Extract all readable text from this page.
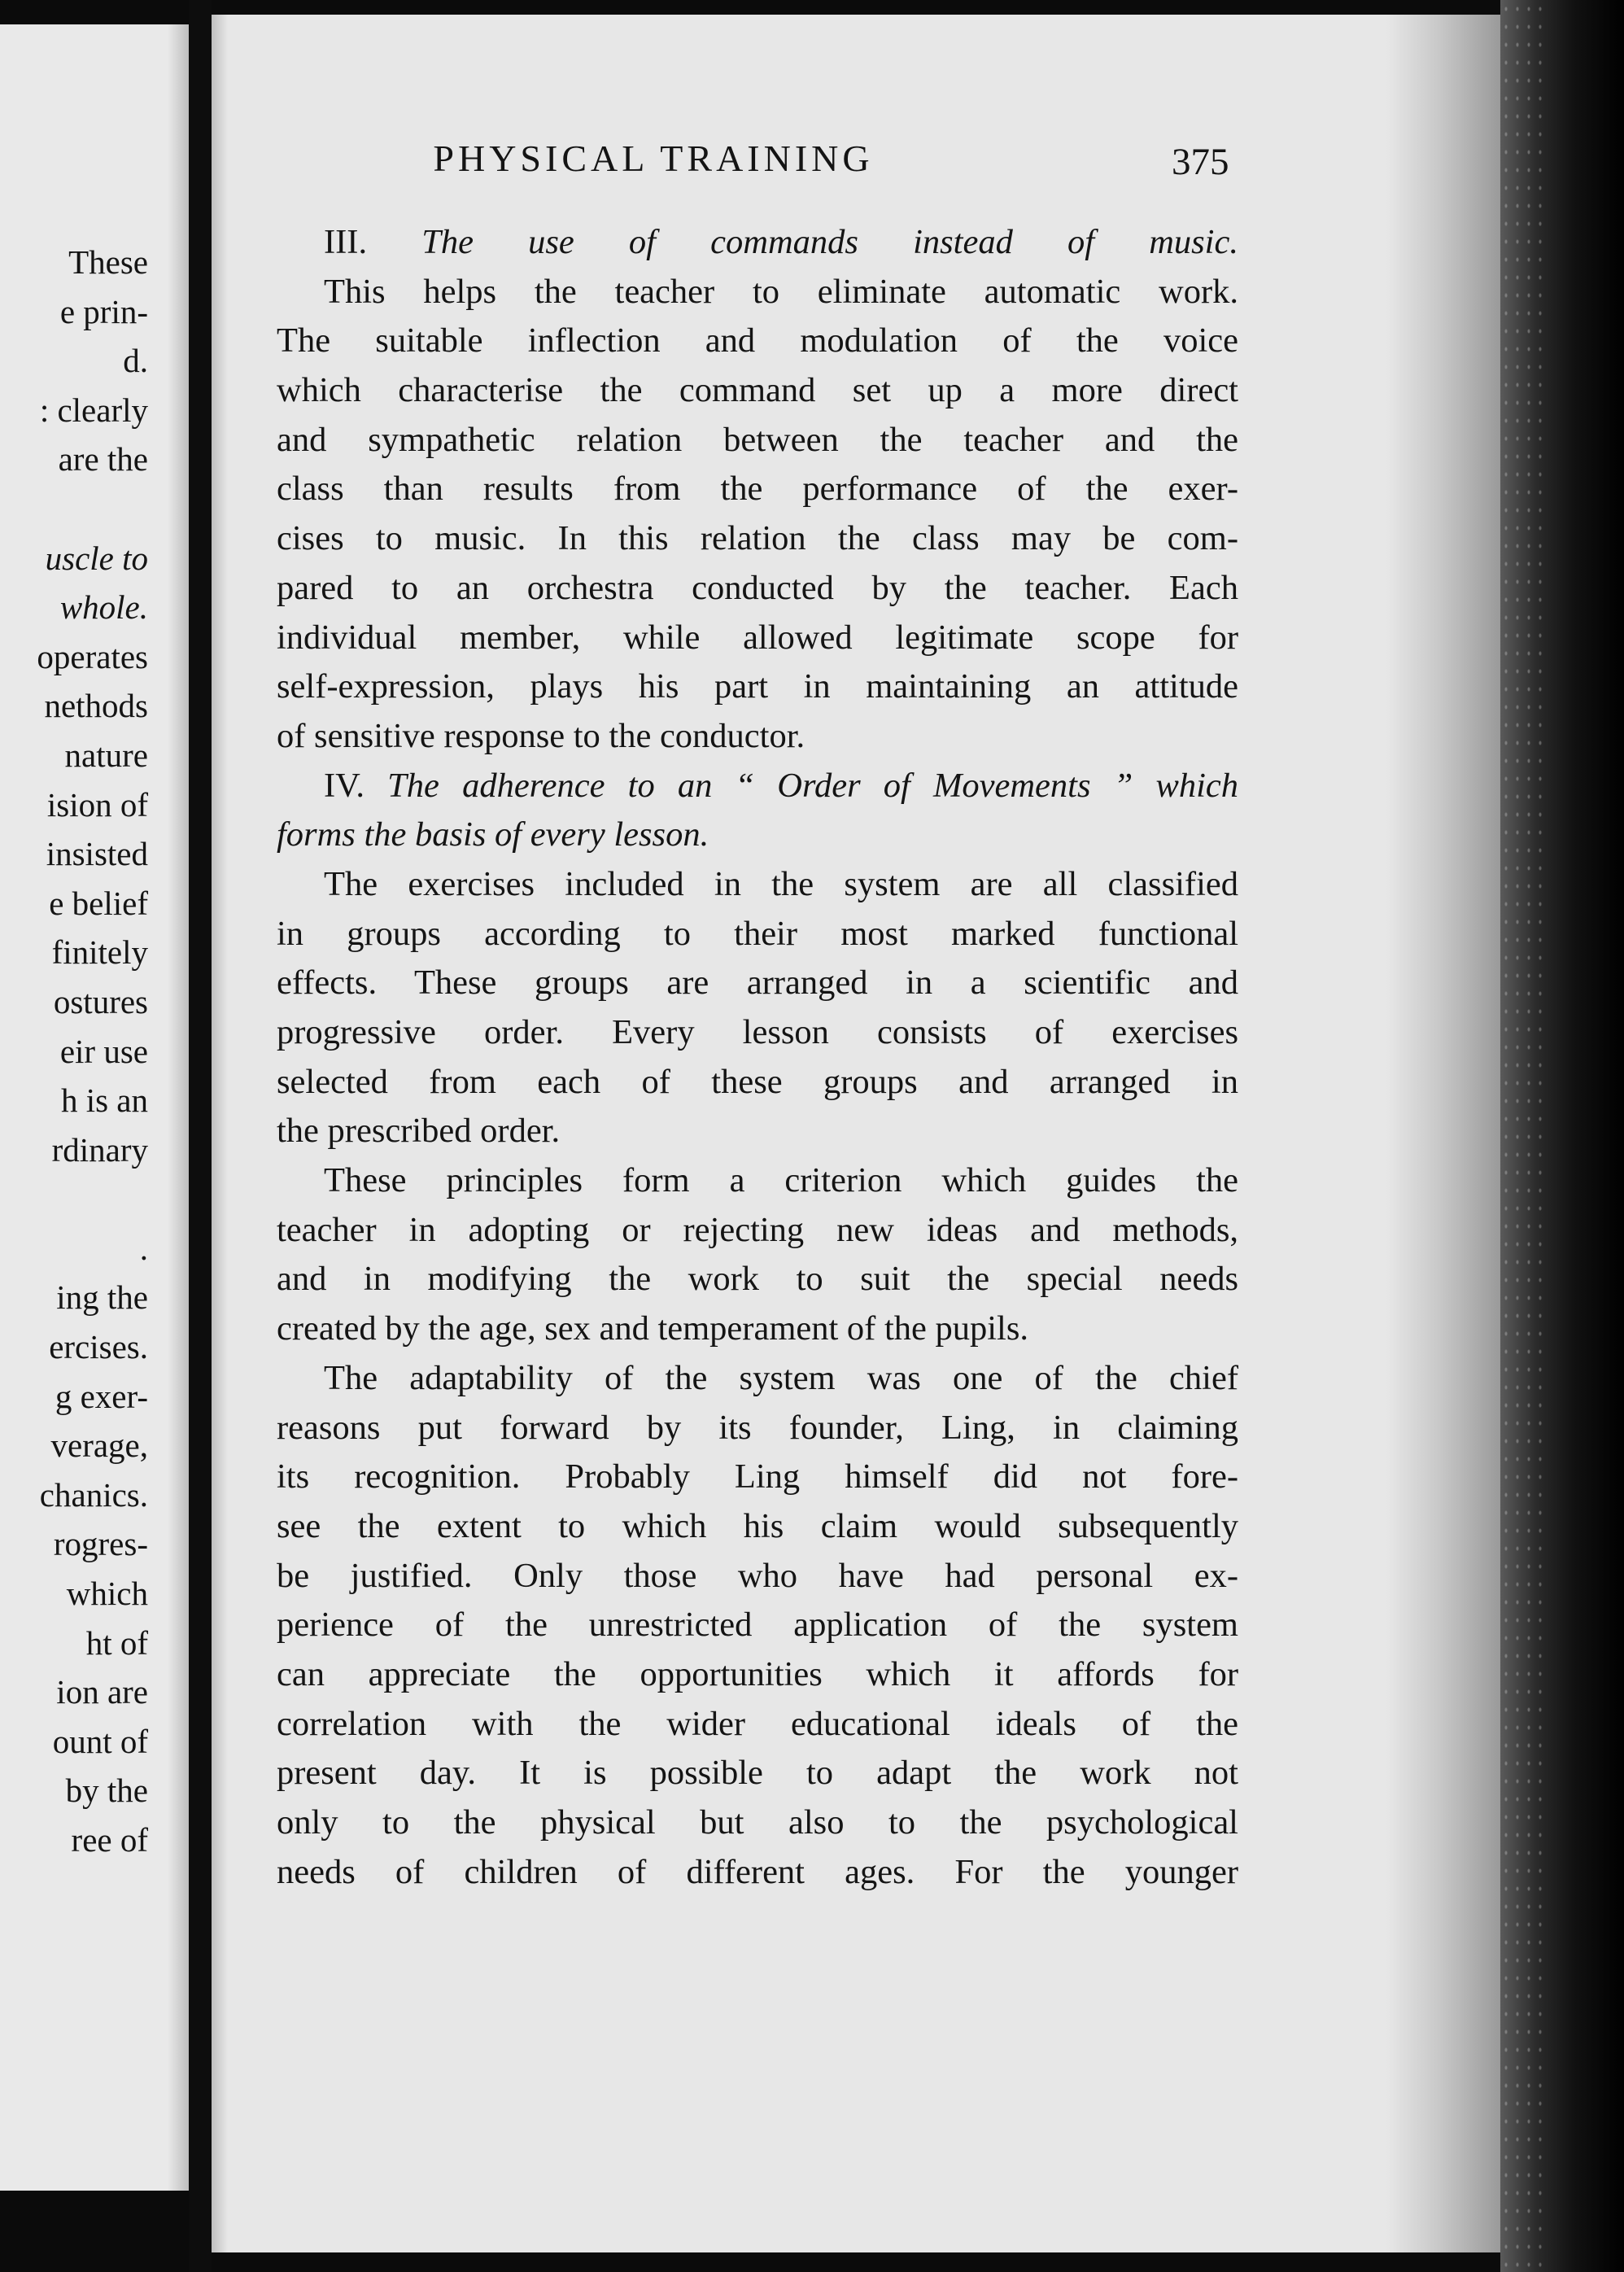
These
e prin-
d.
: clearly
are the
uscle to
whole.
operates
nethods
nature
ision of
insisted
e belief
finitely
ostures
eir use
h is an
rdinary
.
ing the
ercises.
g exer-
verage,
chanics.
rogres-
which
ht of
ion are
ount of
by the
ree of
PHYSICAL TRAINING	375
III. The use of commands instead of music.
This helps the teacher to eliminate automatic work.
The suitable inflection and modulation of the voice
which characterise the command set up a more direct
and sympathetic relation between the teacher and the
class than results from the performance of the exer-
cises to music. In this relation the class may be com-
pared to an orchestra conducted by the teacher. Each
individual member, while allowed legitimate scope for
self-expression, plays his part in maintaining an attitude
of sensitive response to the conductor.
IV. The adherence to an “ Order of Movements ” which
forms the basis of every lesson.
The exercises included in the system are all classified
in groups according to their most marked functional
effects. These groups are arranged in a scientific and
progressive order. Every lesson consists of exercises
selected from each of these groups and arranged in
the prescribed order.
These principles form a criterion which guides the
teacher in adopting or rejecting new ideas and methods,
and in modifying the work to suit the special needs
created by the age, sex and temperament of the pupils.
The adaptability of the system was one of the chief
reasons put forward by its founder, Ling, in claiming
its recognition. Probably Ling himself did not fore-
see the extent to which his claim would subsequently
be justified. Only those who have had personal ex-
perience of the unrestricted application of the system
can appreciate the opportunities which it affords for
correlation with the wider educational ideals of the
present day. It is possible to adapt the work not
only to the physical but also to the psychological
needs of children of different ages. For the younger
